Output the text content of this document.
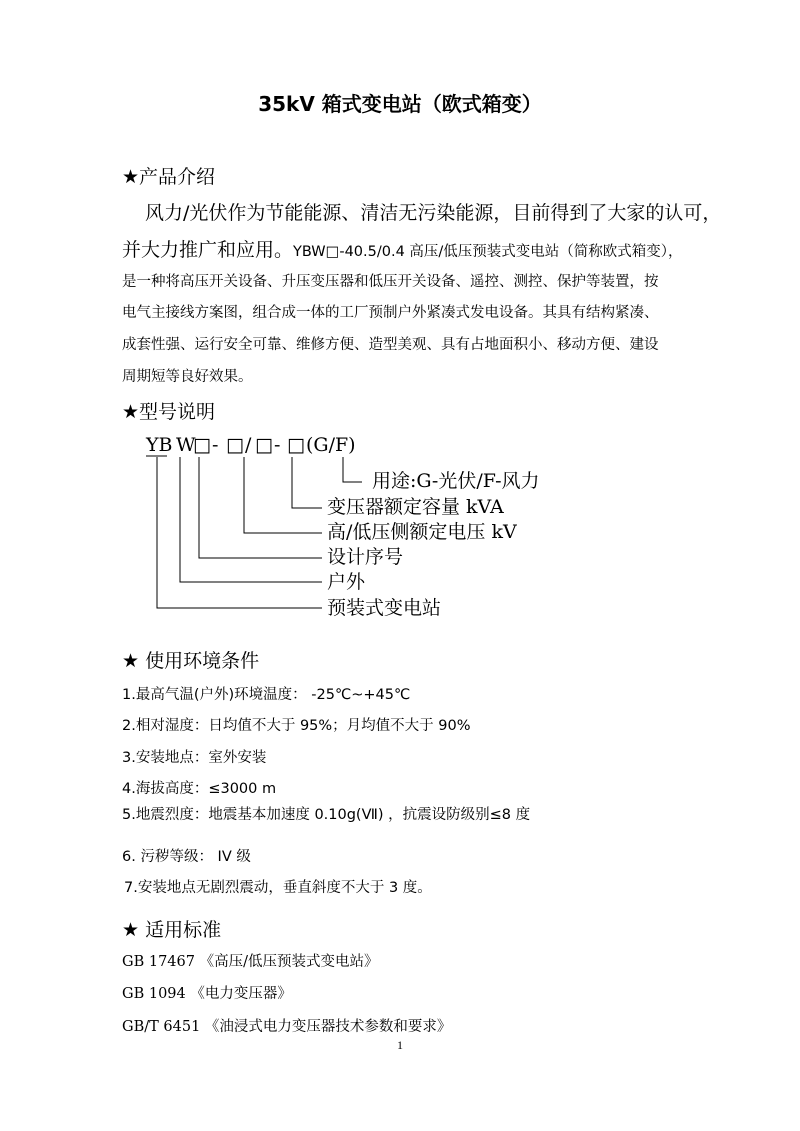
35kV 箱式变电站（欧式箱变）
★产品介绍
风力/光伏作为节能能源、清洁无污染能源，目前得到了大家的认可，
并大力推广和应用。YBW□-40.5/0.4 高压/低压预装式变电站（简称欧式箱变），
是一种将高压开关设备、升压变压器和低压开关设备、遥控、测控、保护等装置，按
电气主接线方案图，组合成一体的工厂预制户外紧凑式发电设备。其具有结构紧凑、
成套性强、运行安全可靠、维修方便、造型美观、具有占地面积小、移动方便、建设
周期短等良好效果。
★型号说明
YB W
□ - □ / □ - □ (G/F)
用途:G-光伏/F-风力
变压器额定容量 kVA
高/低压侧额定电压 kV
设计序号
户外
预装式变电站
★ 使用环境条件
1.最高气温(户外)环境温度： -25℃~+45℃
2.相对湿度：日均值不大于 95%；月均值不大于 90%
3.安装地点：室外安装
4.海拔高度：≤3000 m
5.地震烈度：地震基本加速度 0.10g(Ⅶ) ，抗震设防级别≤8 度
6. 污秽等级： IV 级
7.安装地点无剧烈震动，垂直斜度不大于 3 度。
★ 适用标准
GB 17467 《高压/低压预装式变电站》
GB 1094 《电力变压器》
GB/T 6451 《油浸式电力变压器技术参数和要求》
1
